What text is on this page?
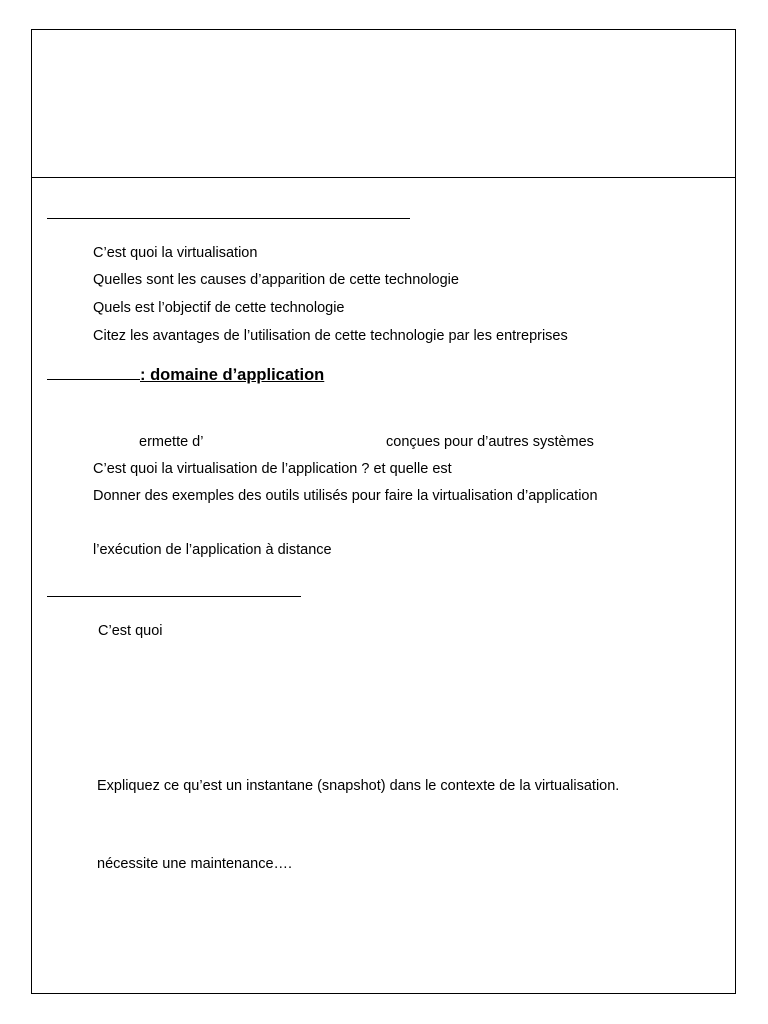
C’est quoi la virtualisation
Quelles sont les causes d’apparition de cette technologie
Quels est l’objectif de cette technologie
Citez les avantages de l’utilisation de cette technologie par les entreprises
: domaine d’application
ermette d’	conçues pour d’autres systèmes
C’est quoi la virtualisation de l’application ? et quelle est
Donner des exemples des outils utilisés pour faire la virtualisation d’application
l’exécution de l’application à distance
C’est quoi
Expliquez ce qu’est un instantane (snapshot) dans le contexte de la virtualisation.
nécessite une maintenance….
